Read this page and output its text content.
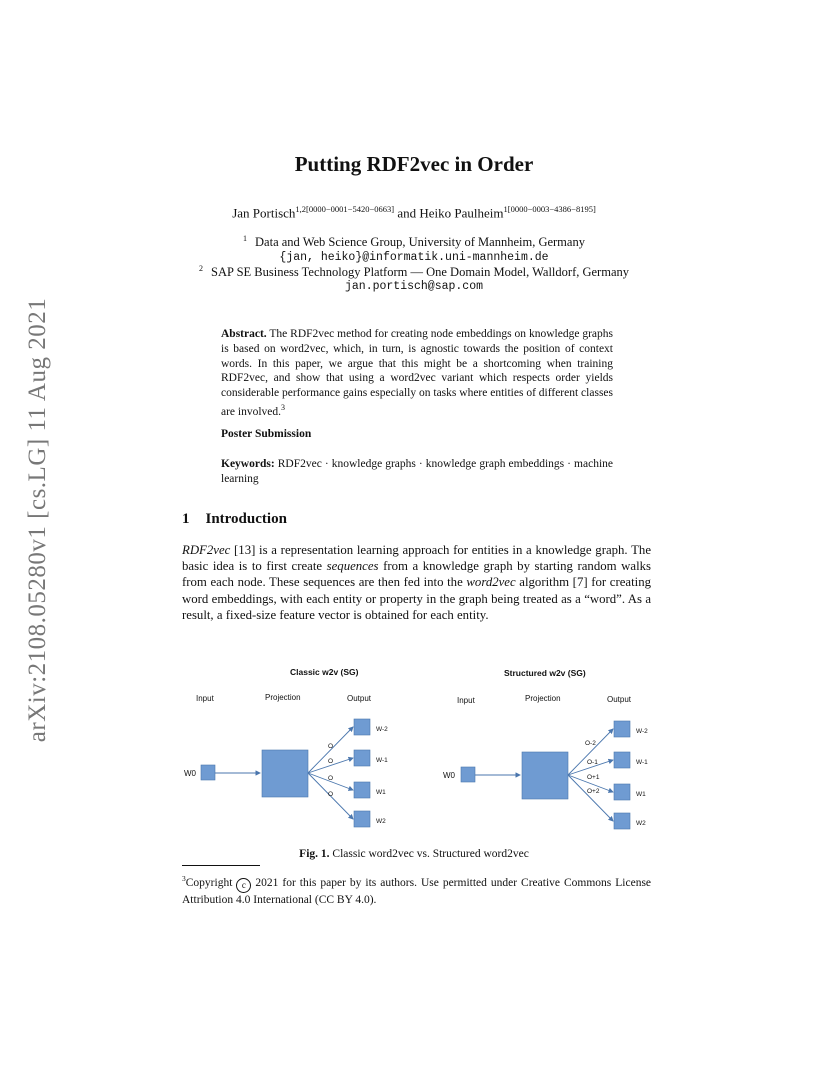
arXiv:2108.05280v1 [cs.LG] 11 Aug 2021
Putting RDF2vec in Order
Jan Portisch$^{1,2[0000-0001-5420-0663]}$ and Heiko Paulheim$^{1[0000-0003-4386-8195]}$
$^1$ Data and Web Science Group, University of Mannheim, Germany
{jan, heiko}@informatik.uni-mannheim.de
$^2$ SAP SE Business Technology Platform — One Domain Model, Walldorf, Germany
jan.portisch@sap.com
Abstract. The RDF2vec method for creating node embeddings on knowledge graphs is based on word2vec, which, in turn, is agnostic towards the position of context words. In this paper, we argue that this might be a shortcoming when training RDF2vec, and show that using a word2vec variant which respects order yields considerable performance gains especially on tasks where entities of different classes are involved.$^3$
Poster Submission
Keywords: RDF2vec · knowledge graphs · knowledge graph embeddings · machine learning
1 Introduction
RDF2vec [13] is a representation learning approach for entities in a knowledge graph. The basic idea is to first create sequences from a knowledge graph by starting random walks from each node. These sequences are then fed into the word2vec algorithm [7] for creating word embeddings, with each entity or property in the graph being treated as a “word”. As a result, a fixed-size feature vector is obtained for each entity.
Classic w2v (SG)
Input	Projection	Output
W0
O
O
O
O
W-2
W-1
W1
W2
Structured w2v (SG)
Input	Projection	Output
W0
O-2
O-1
O+1
O+2
W-2
W-1
W1
W2
Fig. 1. Classic word2vec vs. Structured word2vec
$^3$Copyright c 2021 for this paper by its authors. Use permitted under Creative Commons License Attribution 4.0 International (CC BY 4.0).
